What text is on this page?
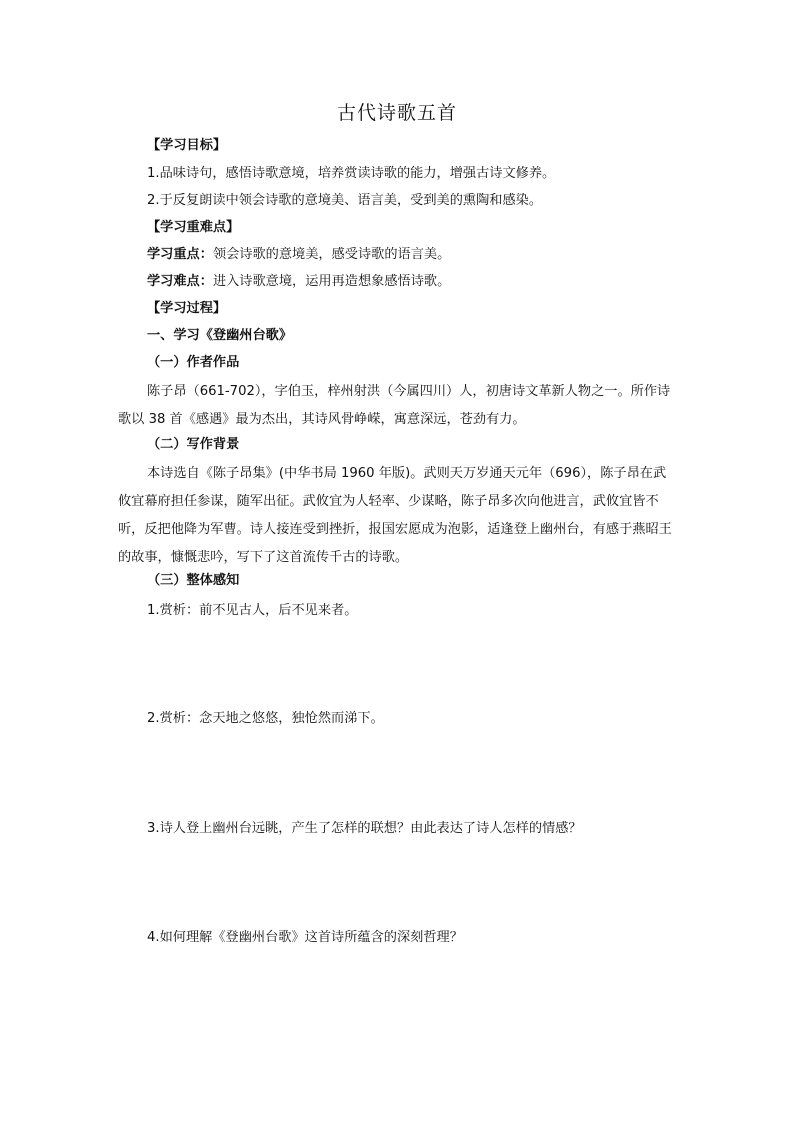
古代诗歌五首
【学习目标】
1.品味诗句，感悟诗歌意境，培养赏读诗歌的能力，增强古诗文修养。
2.于反复朗读中领会诗歌的意境美、语言美，受到美的熏陶和感染。
【学习重难点】
学习重点：领会诗歌的意境美，感受诗歌的语言美。
学习难点：进入诗歌意境，运用再造想象感悟诗歌。
【学习过程】
一、学习《登幽州台歌》
（一）作者作品

陈子昂（661-702），字伯玉，梓州射洪（今属四川）人，初唐诗文革新人物之一。所作诗歌以 38 首《感遇》最为杰出，其诗风骨峥嵘，寓意深远，苍劲有力。

（二）写作背景

本诗选自《陈子昂集》(中华书局 1960 年版)。武则天万岁通天元年（696），陈子昂在武攸宜幕府担任参谋，随军出征。武攸宜为人轻率、少谋略，陈子昂多次向他进言，武攸宜皆不听，反把他降为军曹。诗人接连受到挫折，报国宏愿成为泡影，适逢登上幽州台，有感于燕昭王的故事，慷慨悲吟，写下了这首流传千古的诗歌。

（三）整体感知
1.赏析：前不见古人，后不见来者。
2.赏析：念天地之悠悠，独怆然而涕下。
3.诗人登上幽州台远眺，产生了怎样的联想？由此表达了诗人怎样的情感？
4.如何理解《登幽州台歌》这首诗所蕴含的深刻哲理？
